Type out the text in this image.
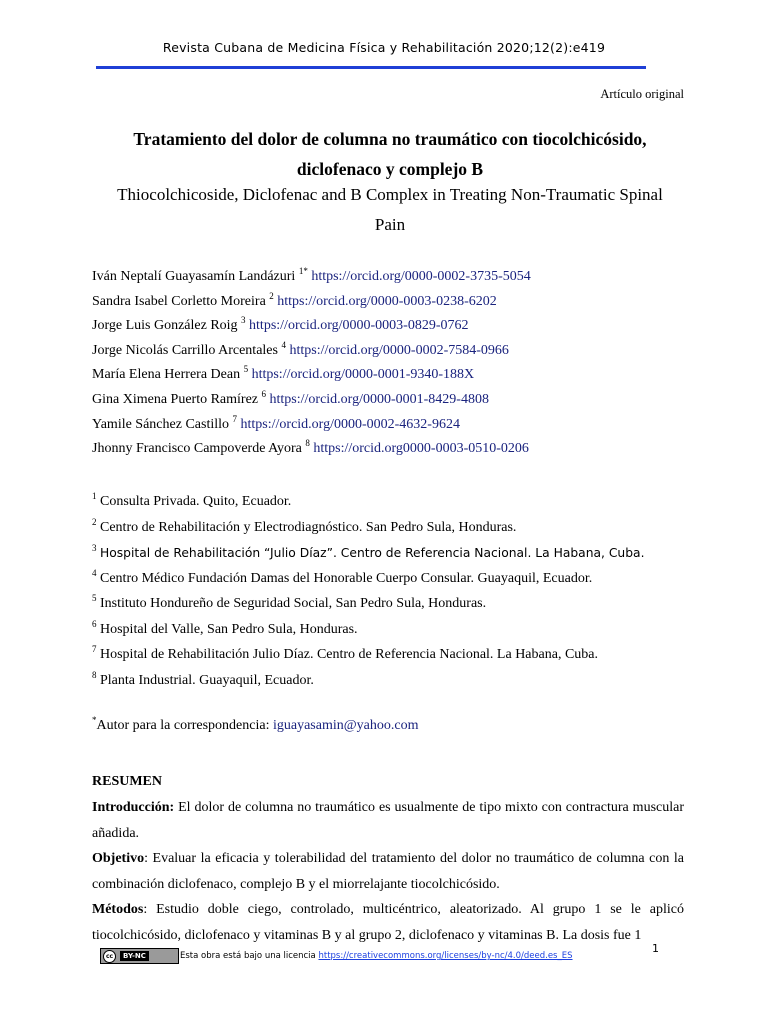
Revista Cubana de Medicina Física y Rehabilitación 2020;12(2):e419
Artículo original
Tratamiento del dolor de columna no traumático con tiocolchicósido,
diclofenaco y complejo B
Thiocolchicoside, Diclofenac and B Complex in Treating Non-Traumatic Spinal
Pain
Iván Neptalí Guayasamín Landázuri $^{1*}$ https://orcid.org/0000-0002-3735-5054
Sandra Isabel Corletto Moreira $^2$ https://orcid.org/0000-0003-0238-6202
Jorge Luis González Roig $^3$ https://orcid.org/0000-0003-0829-0762
Jorge Nicolás Carrillo Arcentales $^4$ https://orcid.org/0000-0002-7584-0966
María Elena Herrera Dean $^5$ https://orcid.org/0000-0001-9340-188X
Gina Ximena Puerto Ramírez $^6$ https://orcid.org/0000-0001-8429-4808
Yamile Sánchez Castillo $^7$ https://orcid.org/0000-0002-4632-9624
Jhonny Francisco Campoverde Ayora $^8$ https://orcid.org0000-0003-0510-0206
$^1$ Consulta Privada. Quito, Ecuador.
$^2$ Centro de Rehabilitación y Electrodiagnóstico. San Pedro Sula, Honduras.
$^3$ Hospital de Rehabilitación “Julio Díaz”. Centro de Referencia Nacional. La Habana, Cuba.
$^4$ Centro Médico Fundación Damas del Honorable Cuerpo Consular. Guayaquil, Ecuador.
$^5$ Instituto Hondureño de Seguridad Social, San Pedro Sula, Honduras.
$^6$ Hospital del Valle, San Pedro Sula, Honduras.
$^7$ Hospital de Rehabilitación Julio Díaz. Centro de Referencia Nacional. La Habana, Cuba.
$^8$ Planta Industrial. Guayaquil, Ecuador.
*Autor para la correspondencia: iguayasamin@yahoo.com
RESUMEN

Introducción: El dolor de columna no traumático es usualmente de tipo mixto con contractura muscular añadida.

Objetivo: Evaluar la eficacia y tolerabilidad del tratamiento del dolor no traumático de columna con la combinación diclofenaco, complejo B y el miorrelajante tiocolchicósido.

Métodos: Estudio doble ciego, controlado, multicéntrico, aleatorizado. Al grupo 1 se le aplicó tiocolchicósido, diclofenaco y vitaminas B y al grupo 2, diclofenaco y vitaminas B. La dosis fue 1

cc	BY-NC	Esta obra está bajo una licencia https://creativecommons.org/licenses/by-nc/4.0/deed.es_ES
1
